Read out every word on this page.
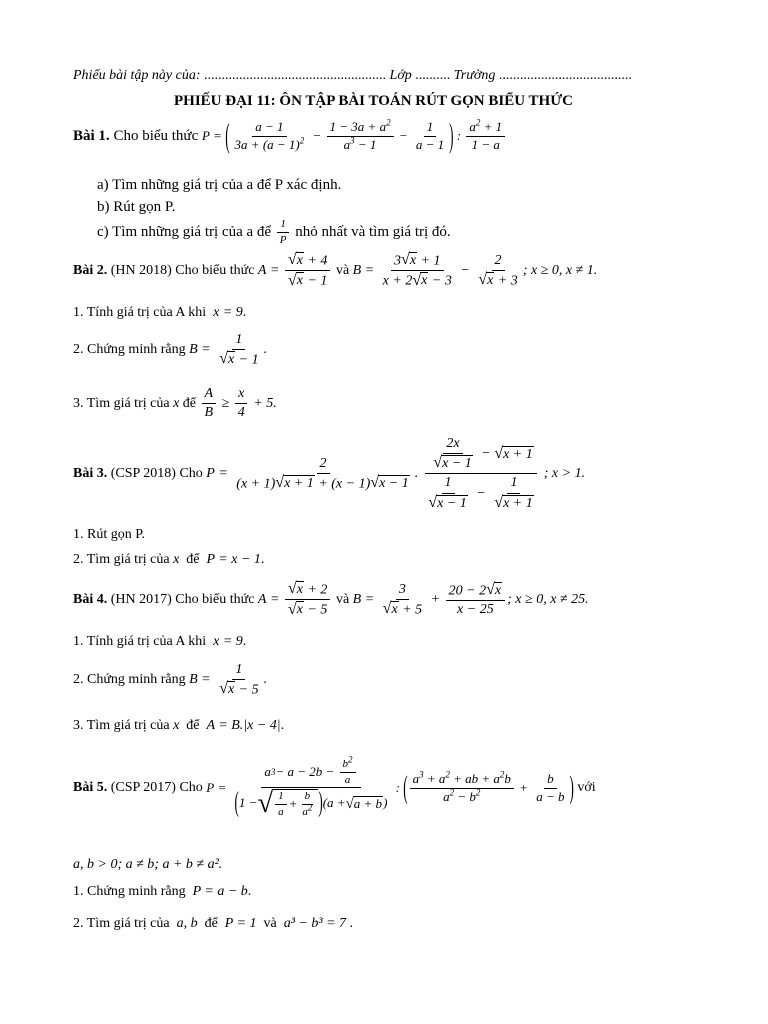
Phiếu bài tập này của: .................................................... Lớp .......... Trường ......................................
PHIẾU ĐẠI 11: ÔN TẬP BÀI TOÁN RÚT GỌN BIỂU THỨC
Bài 1.
Cho biểu thức
P = ( $\frac{a - 1}{3a + (a - 1)^2} - \frac{1 - 3a + a^2}{a^3 - 1} - \frac{1}{a - 1}$ ) : $\frac{a^2 + 1}{1 - a}$
a) Tìm những giá trị của a để P xác định.
b) Rút gọn P.
c) Tìm những giá trị của a để
$\frac{1}{P}$
nhỏ nhất và tìm giá trị đó.
Bài 2.
(HN 2018) Cho biểu thức
$A = \frac{√ x + 4}{√ x - 1}$
và
$B = \frac{3 √ x + 1}{x + 2 √ x - 3} - \frac{2}{√ x + 3}$ ; x ≥ 0, x ≠ 1.
1. Tính giá trị của A khi x = 9.
2. Chứng minh rằng
$B = \frac{1}{√ x - 1}$ .
3. Tìm giá trị của
x
để
$\frac{A}{B} \ge \frac{x}{4} + 5$.
Bài 3.
(CSP 2018) Cho
$P = \frac{2}{(x + 1) √ x + 1 + (x - 1) √ x - 1}$ . $\frac{\frac{2x}{√ x - 1} - √ x + 1}{\frac{1}{√ x - 1} - \frac{1}{√ x + 1}}$ ; x > 1.
1. Rút gọn P.
2. Tìm giá trị của x để P = x − 1.
Bài 4.
(HN 2017) Cho biểu thức
$A = \frac{√ x + 2}{√ x - 5}$
và
$B = \frac{3}{√ x + 5} + \frac{20 - 2 √ x}{x - 25}$ ; x ≥ 0, x ≠ 25.
1. Tính giá trị của A khi x = 9.
2. Chứng minh rằng
$B = \frac{1}{√ x - 5}$ .
3. Tìm giá trị của x để A = B.|x − 4|.
Bài 5.
(CSP 2017) Cho
$P = \frac{a 3 - a - 2b - \frac{b^2}{a}}{( 1 - √ \frac{1}{a} + \frac{b}{a^2} ) (a + √ a + b )}$ : ( $\frac{a^3 + a^2 + ab + a^2b}{a^2 - b^2} + \frac{b}{a - b}$ )
với
a, b > 0; a ≠ b; a + b ≠ a².
1. Chứng minh rằng P = a − b.
2. Tìm giá trị của a, b để P = 1 và a³ − b³ = 7 .
